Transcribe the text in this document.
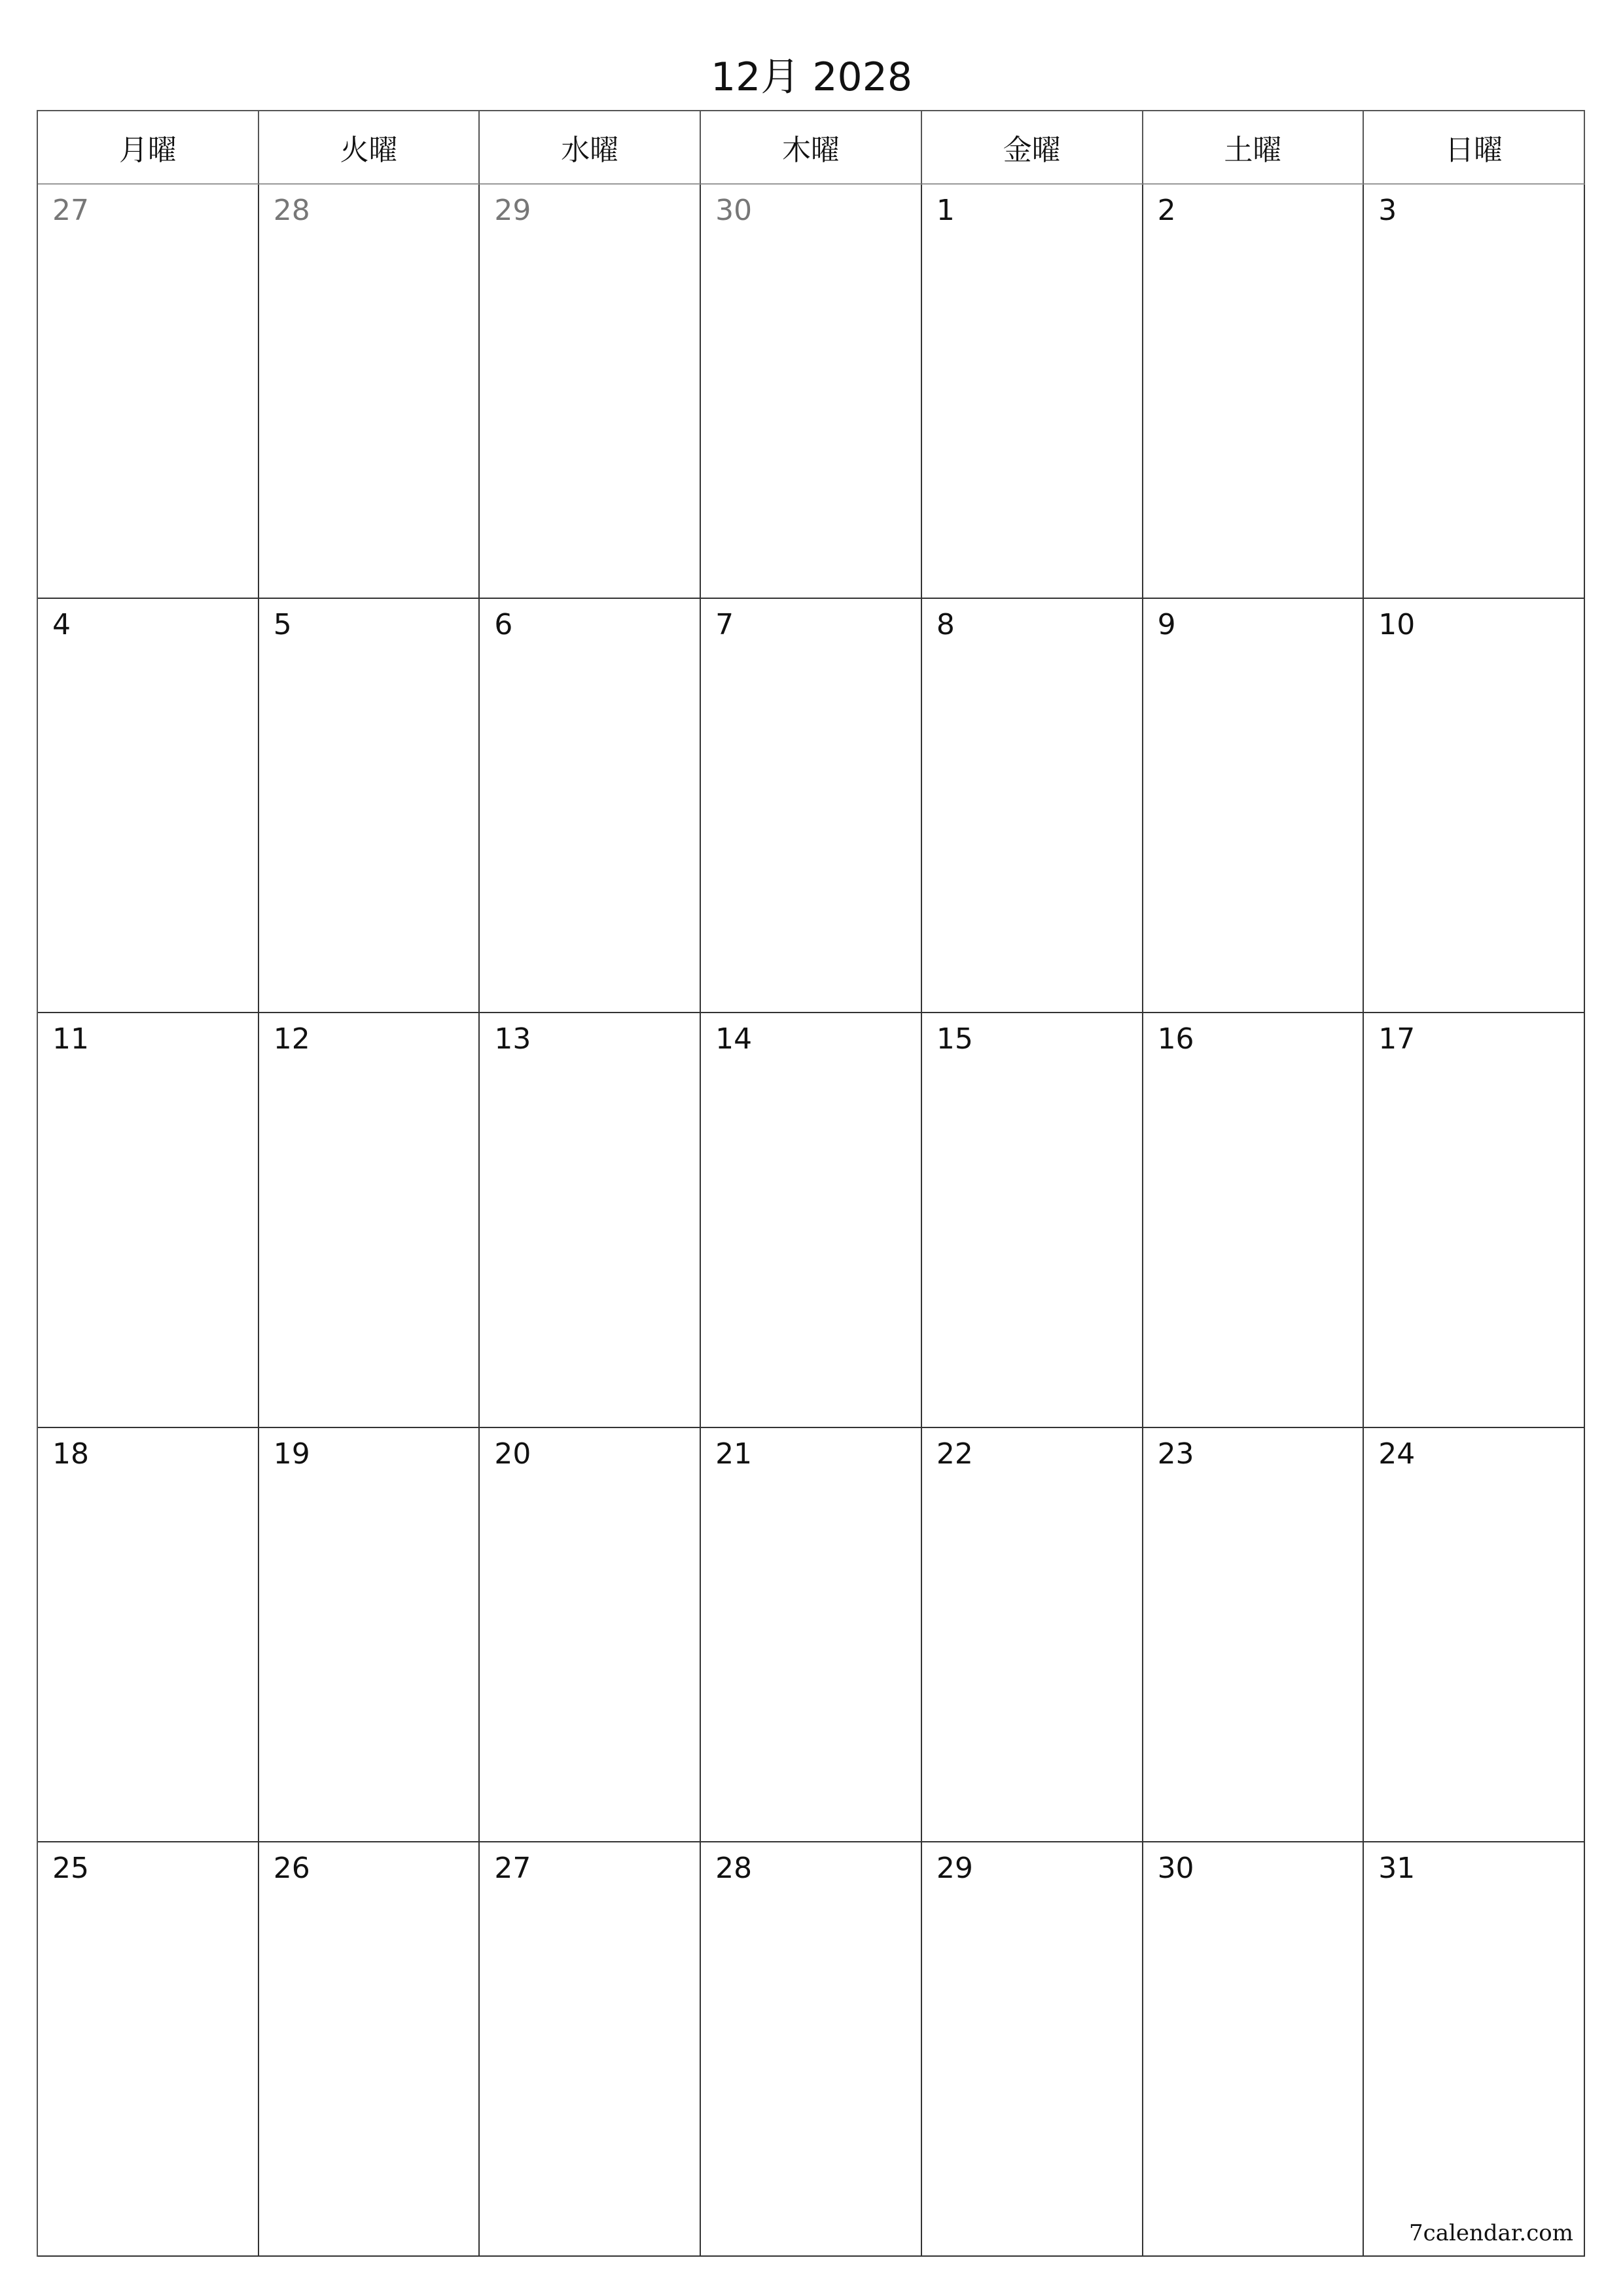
12月 2028
月曜	火曜	水曜	木曜	金曜	土曜	日曜
27	28	29	30	1	2	3
4	5	6	7	8	9	10
11	12	13	14	15	16	17
18	19	20	21	22	23	24
25	26	27	28	29	30	31
7calendar.com
